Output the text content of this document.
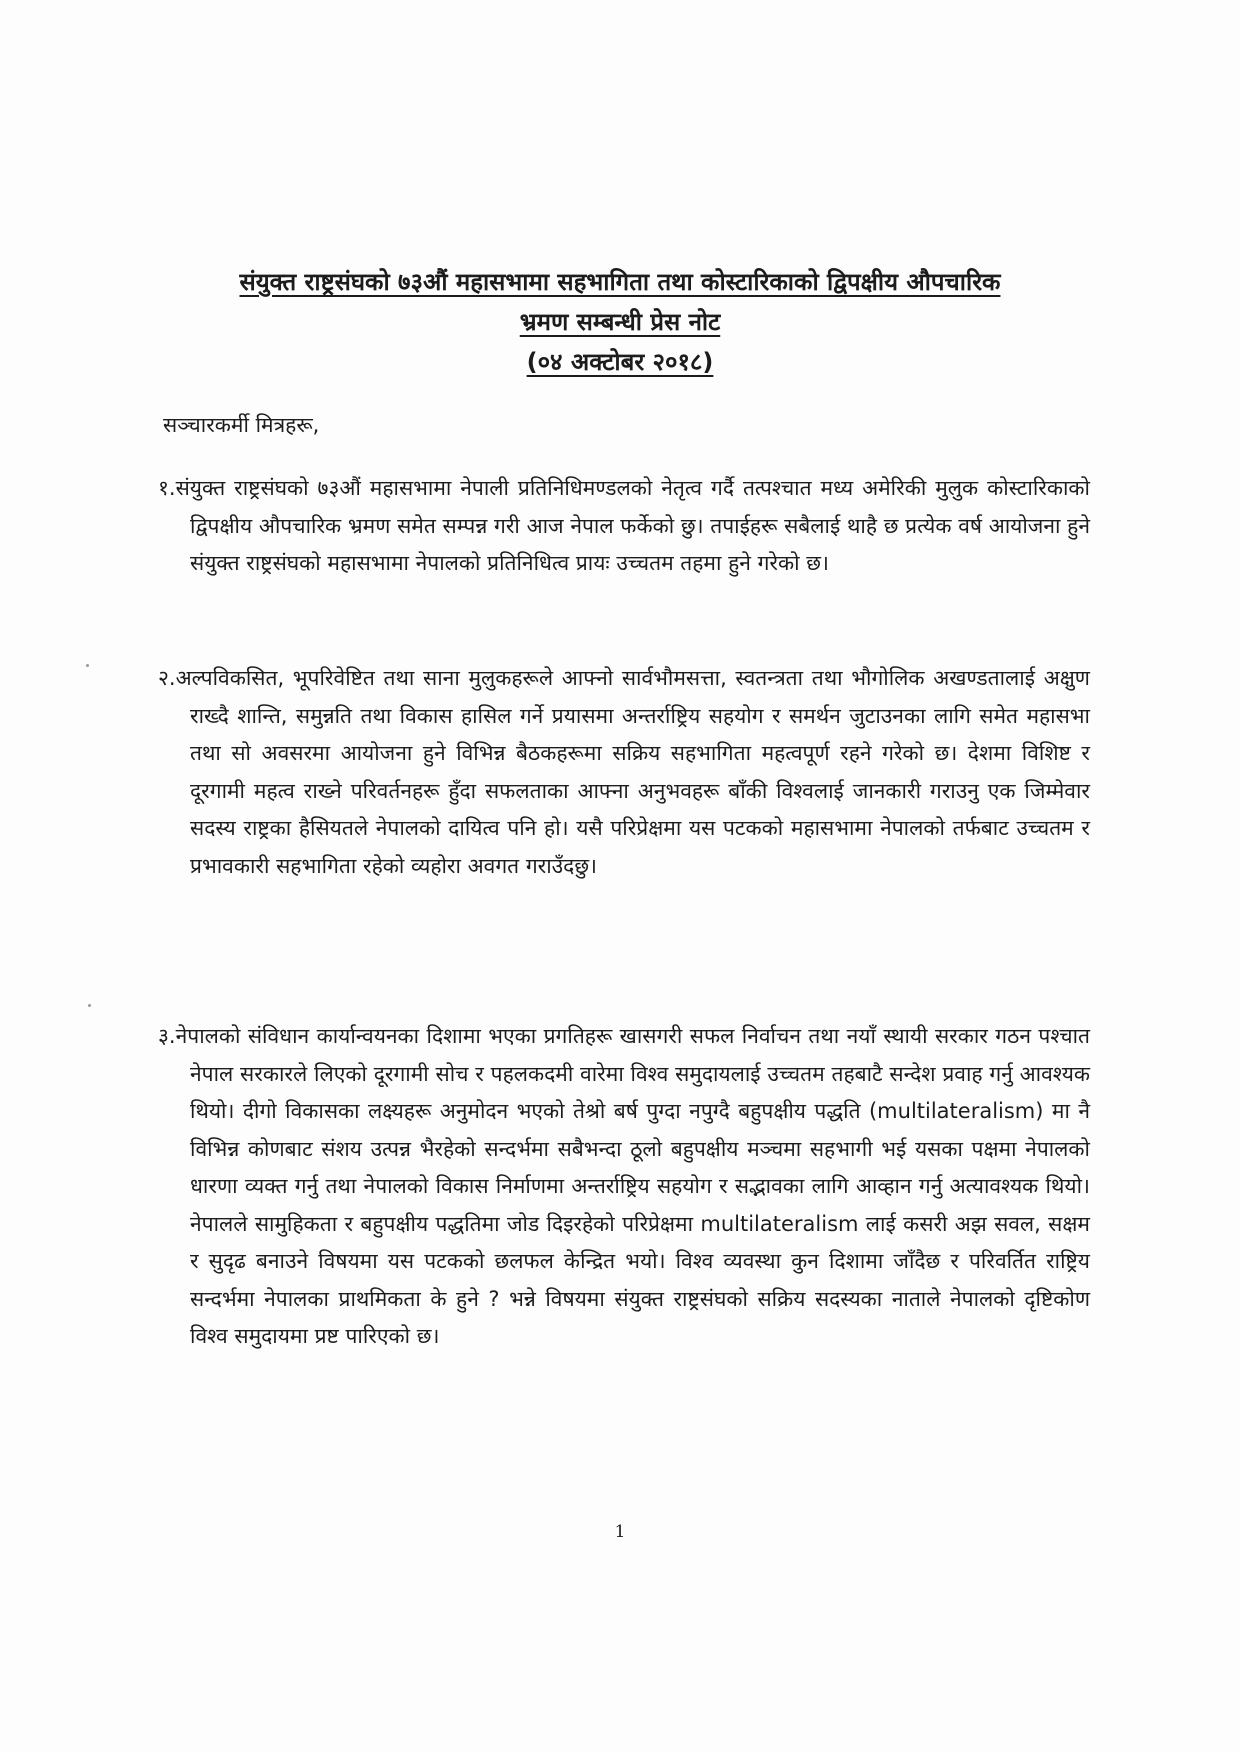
संयुक्त राष्ट्रसंघको ७३औं महासभामा सहभागिता तथा कोस्टारिकाको द्विपक्षीय औपचारिक
भ्रमण सम्बन्धी प्रेस नोट
(०४ अक्टोबर २०१८)
सञ्चारकर्मी मित्रहरू,
१.संयुक्त राष्ट्रसंघको ७३औं महासभामा नेपाली प्रतिनिधिमण्डलको नेतृत्व गर्दै तत्पश्चात मध्य अमेरिकी मुलुक कोस्टारिकाको द्विपक्षीय औपचारिक भ्रमण समेत सम्पन्न गरी आज नेपाल फर्केको छु। तपाईहरू सबैलाई थाहै छ प्रत्येक वर्ष आयोजना हुने संयुक्त राष्ट्रसंघको महासभामा नेपालको प्रतिनिधित्व प्रायः उच्चतम तहमा हुने गरेको छ।
२.अल्पविकसित, भूपरिवेष्टित तथा साना मुलुकहरूले आफ्नो सार्वभौमसत्ता, स्वतन्त्रता तथा भौगोलिक अखण्डतालाई अक्षुण राख्दै शान्ति, समुन्नति तथा विकास हासिल गर्ने प्रयासमा अन्तर्राष्ट्रिय सहयोग र समर्थन जुटाउनका लागि समेत महासभा तथा सो अवसरमा आयोजना हुने विभिन्न बैठकहरूमा सक्रिय सहभागिता महत्वपूर्ण रहने गरेको छ। देशमा विशिष्ट र दूरगामी महत्व राख्ने परिवर्तनहरू हुँदा सफलताका आफ्ना अनुभवहरू बाँकी विश्वलाई जानकारी गराउनु एक जिम्मेवार सदस्य राष्ट्रका हैसियतले नेपालको दायित्व पनि हो। यसै परिप्रेक्षमा यस पटकको महासभामा नेपालको तर्फबाट उच्चतम र प्रभावकारी सहभागिता रहेको व्यहोरा अवगत गराउँदछु।
३.नेपालको संविधान कार्यान्वयनका दिशामा भएका प्रगतिहरू खासगरी सफल निर्वाचन तथा नयाँ स्थायी सरकार गठन पश्चात नेपाल सरकारले लिएको दूरगामी सोच र पहलकदमी वारेमा विश्व समुदायलाई उच्चतम तहबाटै सन्देश प्रवाह गर्नु आवश्यक थियो। दीगो विकासका लक्ष्यहरू अनुमोदन भएको तेश्रो बर्ष पुग्दा नपुग्दै बहुपक्षीय पद्धति (multilateralism) मा नै विभिन्न कोणबाट संशय उत्पन्न भैरहेको सन्दर्भमा सबैभन्दा ठूलो बहुपक्षीय मञ्चमा सहभागी भई यसका पक्षमा नेपालको धारणा व्यक्त गर्नु तथा नेपालको विकास निर्माणमा अन्तर्राष्ट्रिय सहयोग र सद्भावका लागि आव्हान गर्नु अत्यावश्यक थियो। नेपालले सामुहिकता र बहुपक्षीय पद्धतिमा जोड दिइरहेको परिप्रेक्षमा multilateralism लाई कसरी अझ सवल, सक्षम र सुदृढ बनाउने विषयमा यस पटकको छलफल केन्द्रित भयो। विश्व व्यवस्था कुन दिशामा जाँदैछ र परिवर्तित राष्ट्रिय सन्दर्भमा नेपालका प्राथमिकता के हुने ? भन्ने विषयमा संयुक्त राष्ट्रसंघको सक्रिय सदस्यका नाताले नेपालको दृष्टिकोण विश्व समुदायमा प्रष्ट पारिएको छ।
1
